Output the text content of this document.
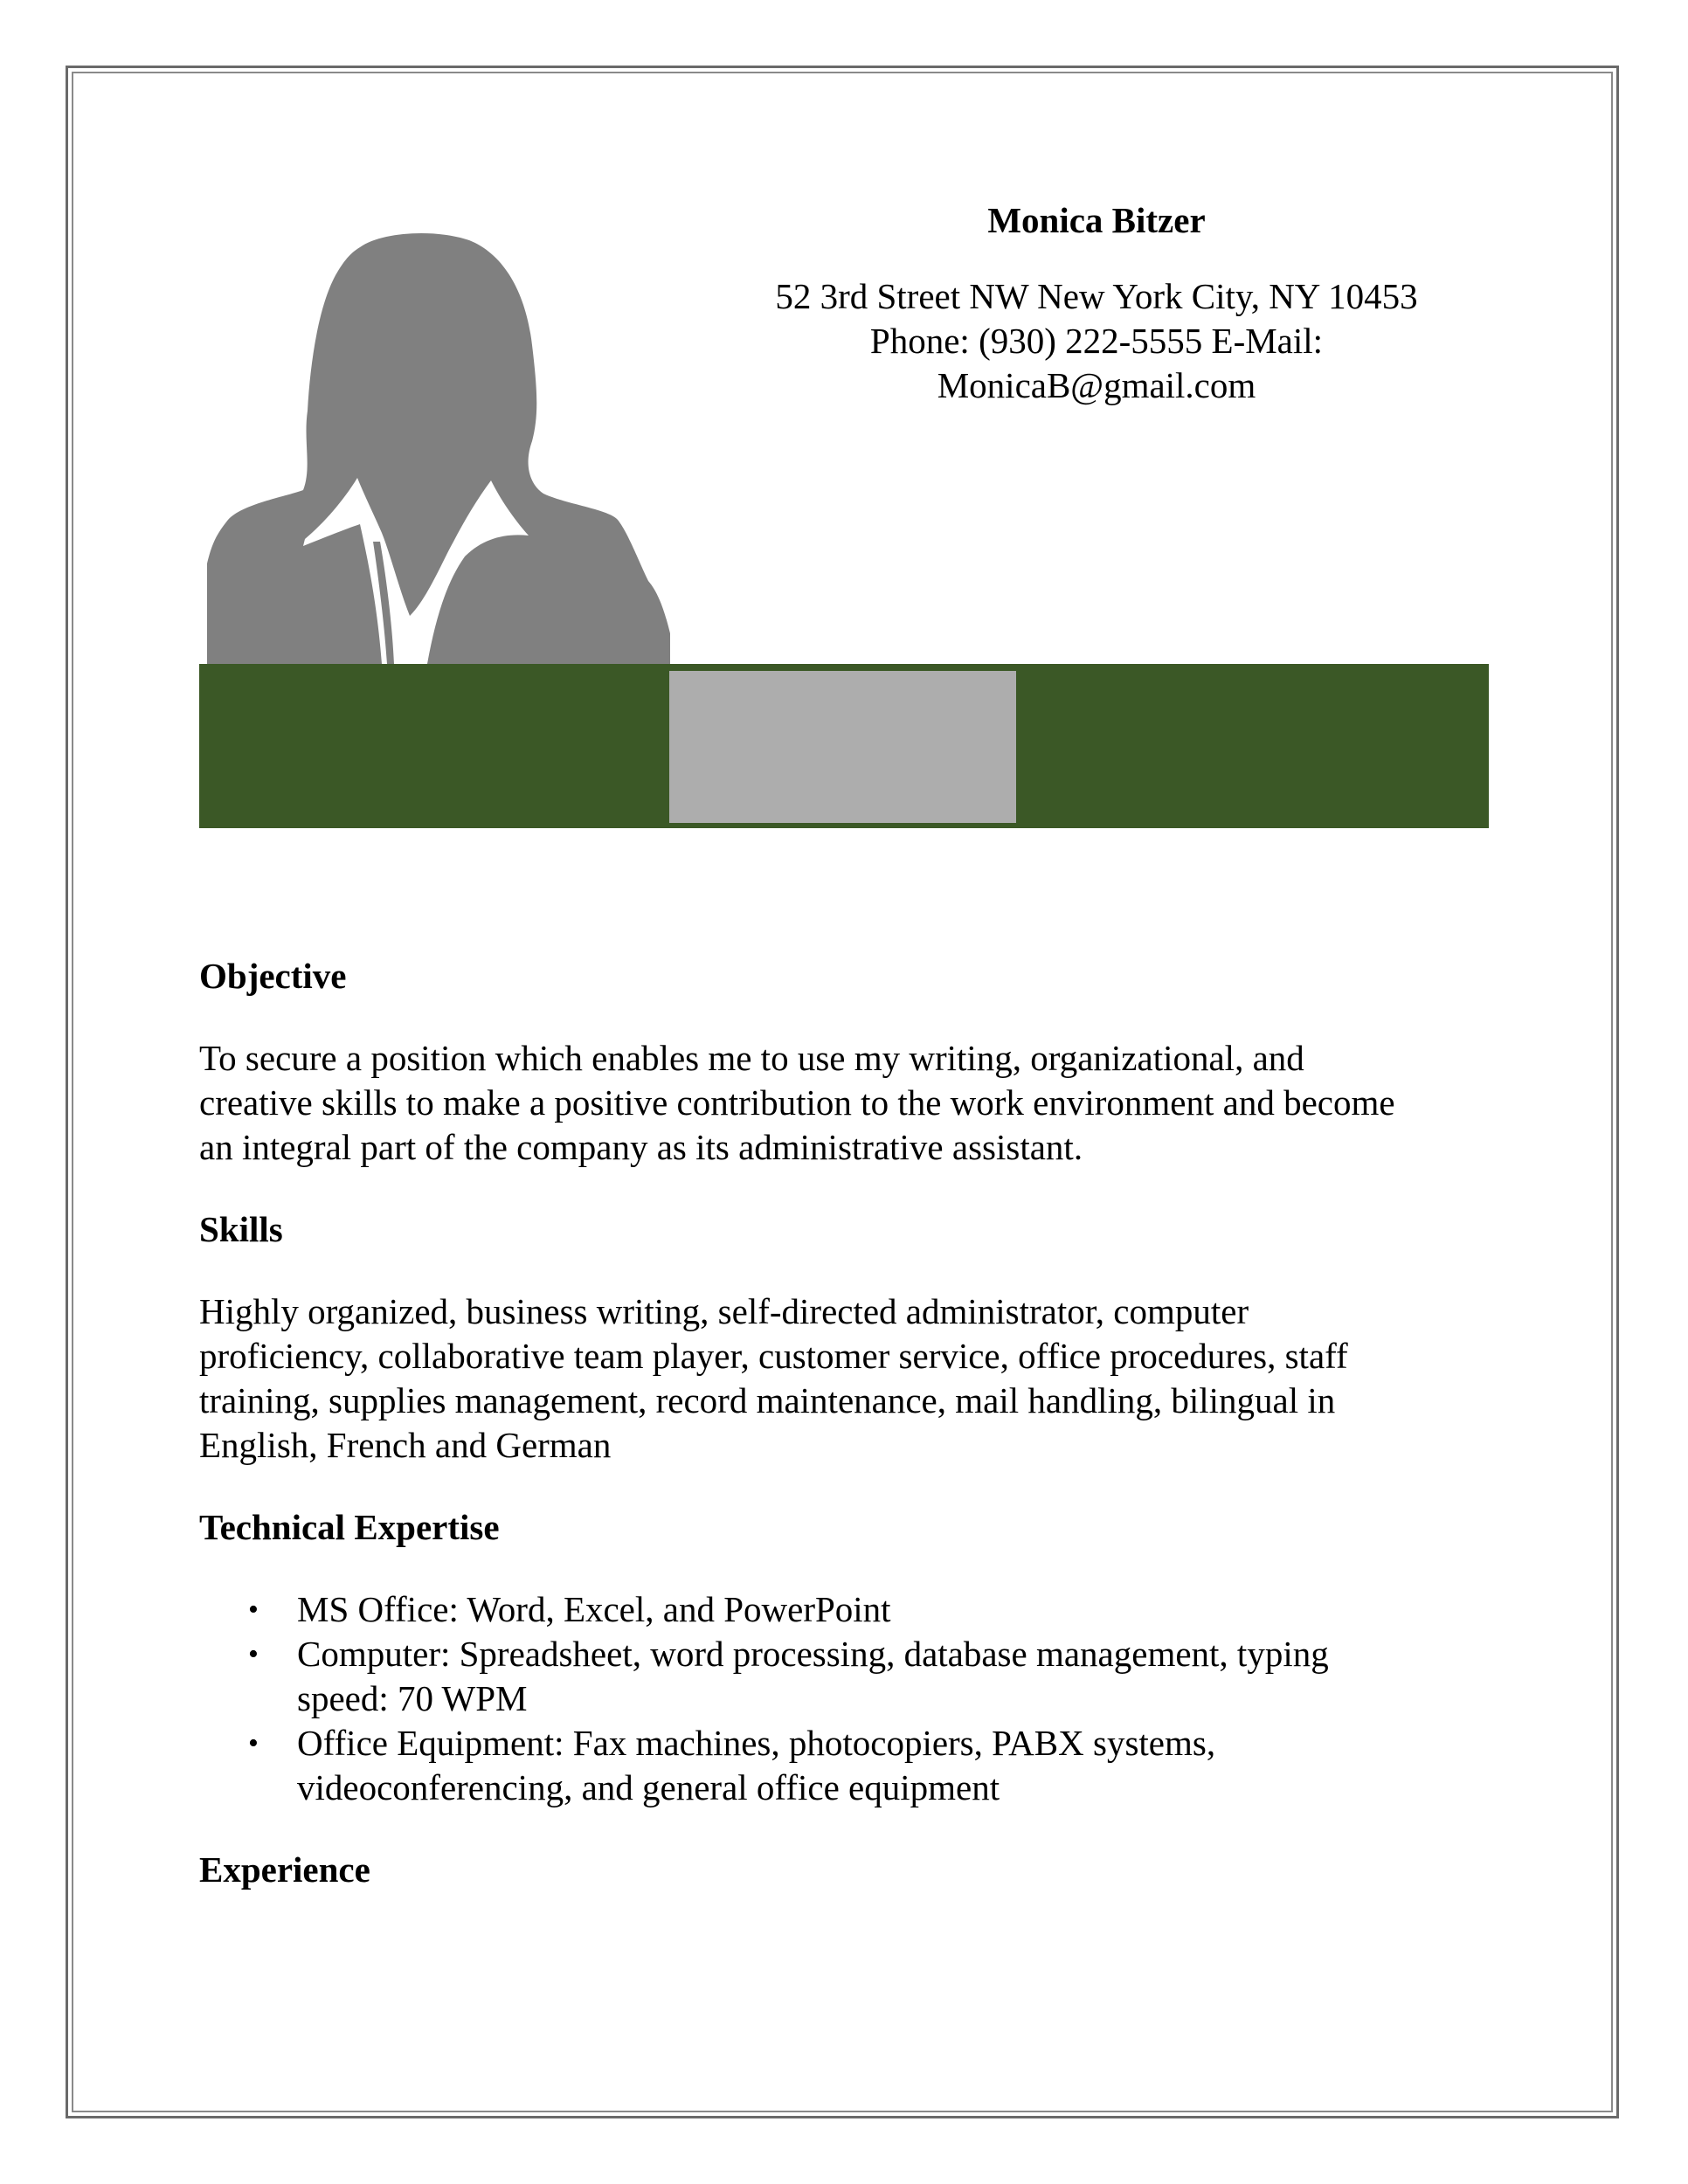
Monica Bitzer
52 3rd Street NW New York City, NY 10453
Phone: (930) 222-5555 E-Mail:
MonicaB@gmail.com
Objective
To secure a position which enables me to use my writing, organizational, and
creative skills to make a positive contribution to the work environment and become
an integral part of the company as its administrative assistant.
Skills
Highly organized, business writing, self-directed administrator, computer
proficiency, collaborative team player, customer service, office procedures, staff
training, supplies management, record maintenance, mail handling, bilingual in
English, French and German
Technical Expertise
• MS Office: Word, Excel, and PowerPoint
• Computer: Spreadsheet, word processing, database management, typing
speed: 70 WPM
• Office Equipment: Fax machines, photocopiers, PABX systems,
videoconferencing, and general office equipment
Experience
